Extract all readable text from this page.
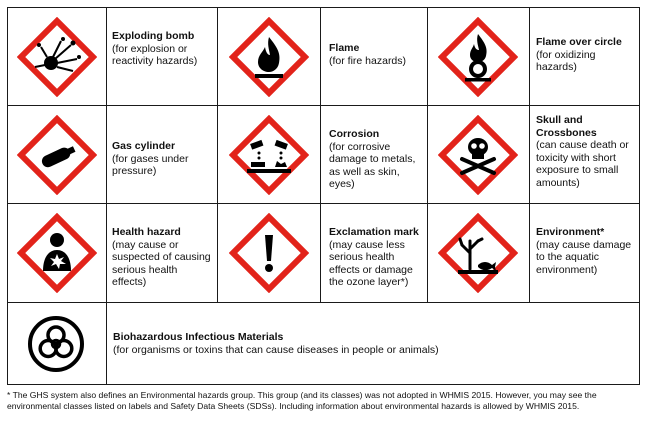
Exploding bomb
(for explosion or reactivity hazards)
Flame
(for fire hazards)
Flame over circle
(for oxidizing hazards)
Gas cylinder
(for gases under pressure)
Corrosion
(for corrosive damage to metals, as well as skin, eyes)
Skull and Crossbones
(can cause death or toxicity with short exposure to small amounts)
Health hazard
(may cause or suspected of causing serious health effects)
Exclamation mark
(may cause less serious health effects or damage the ozone layer*)
Environment*
(may cause damage to the aquatic environment)
Biohazardous Infectious Materials
(for organisms or toxins that can cause diseases in people or animals)
* The GHS system also defines an Environmental hazards group. This group (and its classes) was not adopted in WHMIS 2015. However, you may see the environmental classes listed on labels and Safety Data Sheets (SDSs). Including information about environmental hazards is allowed by WHMIS 2015.
